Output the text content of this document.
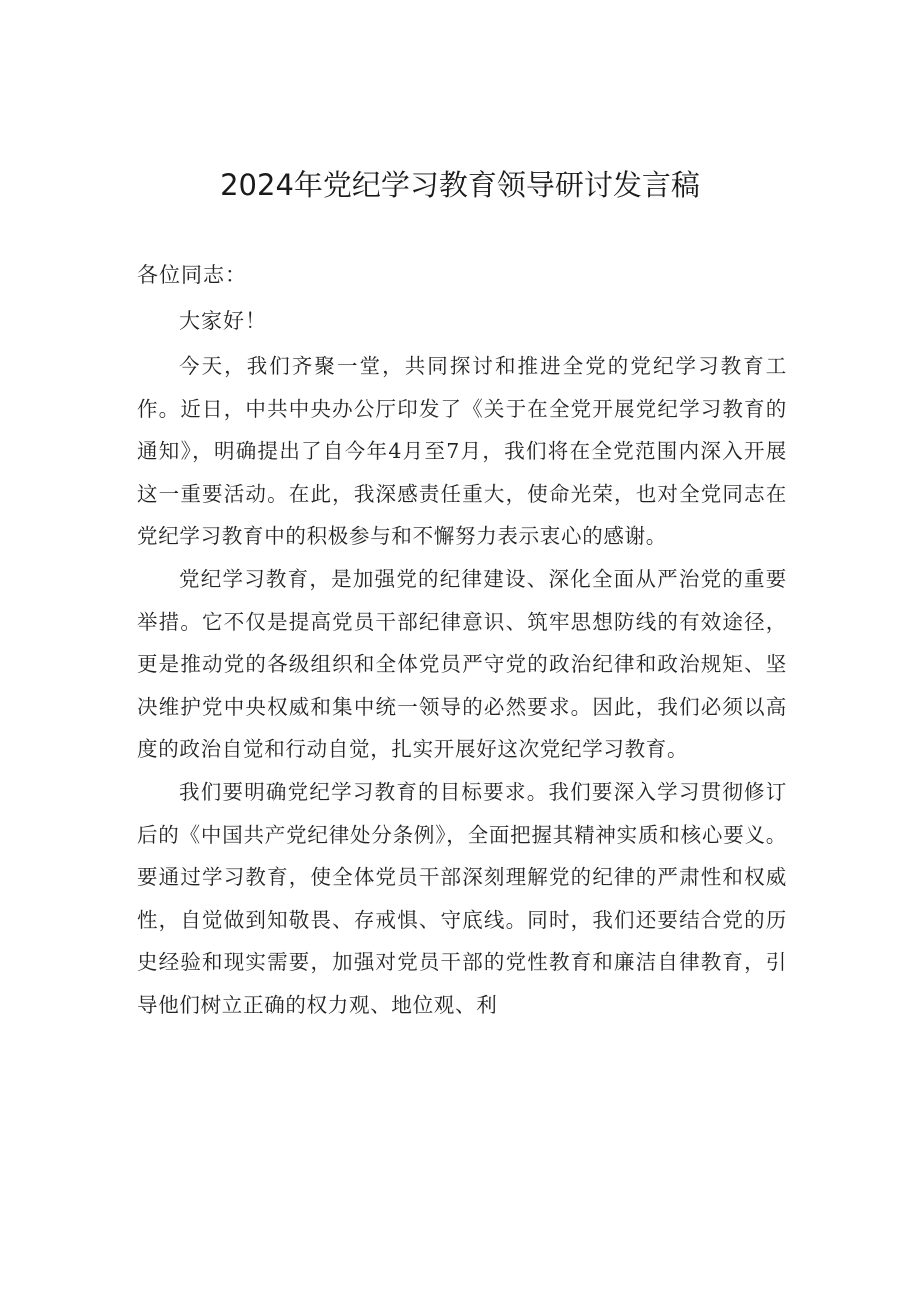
2024年党纪学习教育领导研讨发言稿

各位同志：

大家好！

今天，我们齐聚一堂，共同探讨和推进全党的党纪学习教育工作。近日，中共中央办公厅印发了《关于在全党开展党纪学习教育的通知》，明确提出了自今年4月至7月，我们将在全党范围内深入开展这一重要活动。在此，我深感责任重大，使命光荣，也对全党同志在党纪学习教育中的积极参与和不懈努力表示衷心的感谢。

党纪学习教育，是加强党的纪律建设、深化全面从严治党的重要举措。它不仅是提高党员干部纪律意识、筑牢思想防线的有效途径，更是推动党的各级组织和全体党员严守党的政治纪律和政治规矩、坚决维护党中央权威和集中统一领导的必然要求。因此，我们必须以高度的政治自觉和行动自觉，扎实开展好这次党纪学习教育。

我们要明确党纪学习教育的目标要求。我们要深入学习贯彻修订后的《中国共产党纪律处分条例》，全面把握其精神实质和核心要义。要通过学习教育，使全体党员干部深刻理解党的纪律的严肃性和权威性，自觉做到知敬畏、存戒惧、守底线。同时，我们还要结合党的历史经验和现实需要，加强对党员干部的党性教育和廉洁自律教育，引导他们树立正确的权力观、地位观、利
